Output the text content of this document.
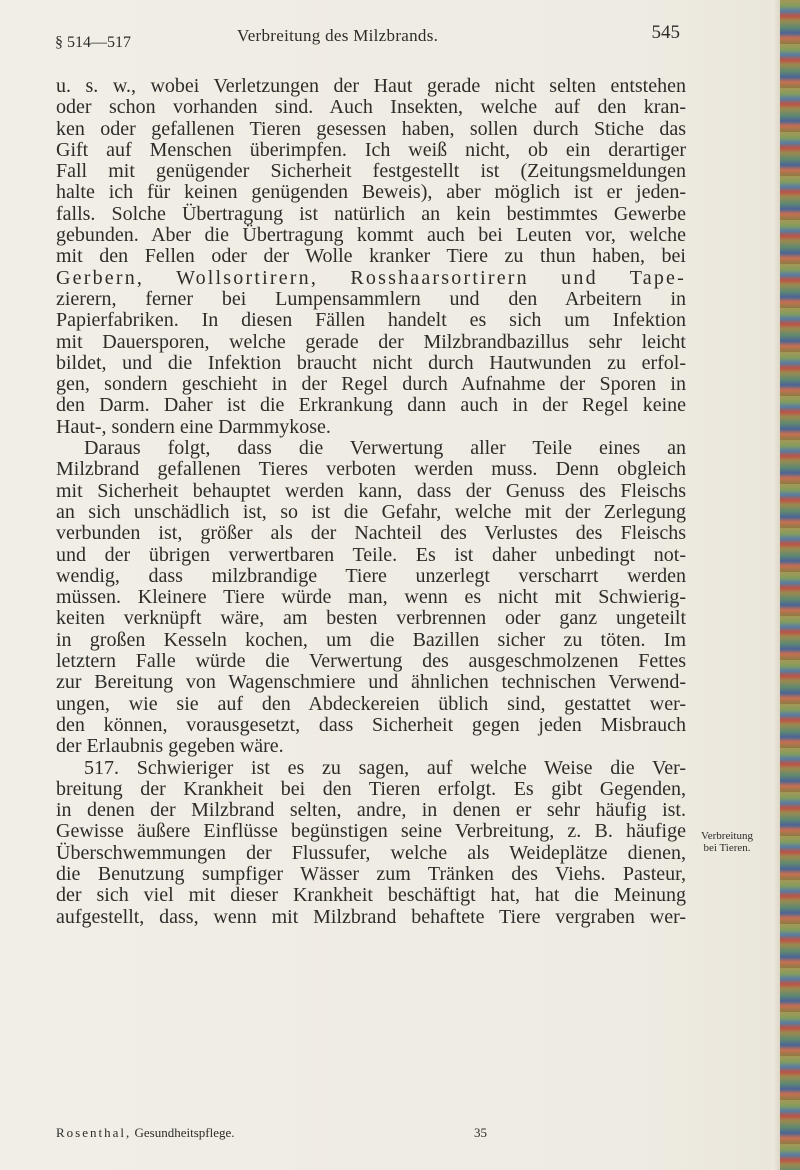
§ 514—517	Verbreitung des Milzbrands.	545
u. s. w., wobei Verletzungen der Haut gerade nicht selten entstehen
oder schon vorhanden sind. Auch Insekten, welche auf den kran-
ken oder gefallenen Tieren gesessen haben, sollen durch Stiche das
Gift auf Menschen überimpfen. Ich weiß nicht, ob ein derartiger
Fall mit genügender Sicherheit festgestellt ist (Zeitungsmeldungen
halte ich für keinen genügenden Beweis), aber möglich ist er jeden-
falls. Solche Übertragung ist natürlich an kein bestimmtes Gewerbe
gebunden. Aber die Übertragung kommt auch bei Leuten vor, welche
mit den Fellen oder der Wolle kranker Tiere zu thun haben, bei
Gerbern, Wollsortirern, Rosshaarsortirern und Tape-
zierern, ferner bei Lumpensammlern und den Arbeitern in
Papierfabriken. In diesen Fällen handelt es sich um Infektion
mit Dauersporen, welche gerade der Milzbrandbazillus sehr leicht
bildet, und die Infektion braucht nicht durch Hautwunden zu erfol-
gen, sondern geschieht in der Regel durch Aufnahme der Sporen in
den Darm. Daher ist die Erkrankung dann auch in der Regel keine
Haut-, sondern eine Darmmykose.
Daraus folgt, dass die Verwertung aller Teile eines an
Milzbrand gefallenen Tieres verboten werden muss. Denn obgleich
mit Sicherheit behauptet werden kann, dass der Genuss des Fleischs
an sich unschädlich ist, so ist die Gefahr, welche mit der Zerlegung
verbunden ist, größer als der Nachteil des Verlustes des Fleischs
und der übrigen verwertbaren Teile. Es ist daher unbedingt not-
wendig, dass milzbrandige Tiere unzerlegt verscharrt werden
müssen. Kleinere Tiere würde man, wenn es nicht mit Schwierig-
keiten verknüpft wäre, am besten verbrennen oder ganz ungeteilt
in großen Kesseln kochen, um die Bazillen sicher zu töten. Im
letztern Falle würde die Verwertung des ausgeschmolzenen Fettes
zur Bereitung von Wagenschmiere und ähnlichen technischen Verwend-
ungen, wie sie auf den Abdeckereien üblich sind, gestattet wer-
den können, vorausgesetzt, dass Sicherheit gegen jeden Misbrauch
der Erlaubnis gegeben wäre.
517. Schwieriger ist es zu sagen, auf welche Weise die Ver-
breitung der Krankheit bei den Tieren erfolgt. Es gibt Gegenden,
in denen der Milzbrand selten, andre, in denen er sehr häufig ist.
Gewisse äußere Einflüsse begünstigen seine Verbreitung, z. B. häufige
Überschwemmungen der Flussufer, welche als Weideplätze dienen,
die Benutzung sumpfiger Wässer zum Tränken des Viehs. Pasteur,
der sich viel mit dieser Krankheit beschäftigt hat, hat die Meinung
aufgestellt, dass, wenn mit Milzbrand behaftete Tiere vergraben wer-
Verbreitung
bei Tieren.
Rosenthal, Gesundheitspflege.	35
